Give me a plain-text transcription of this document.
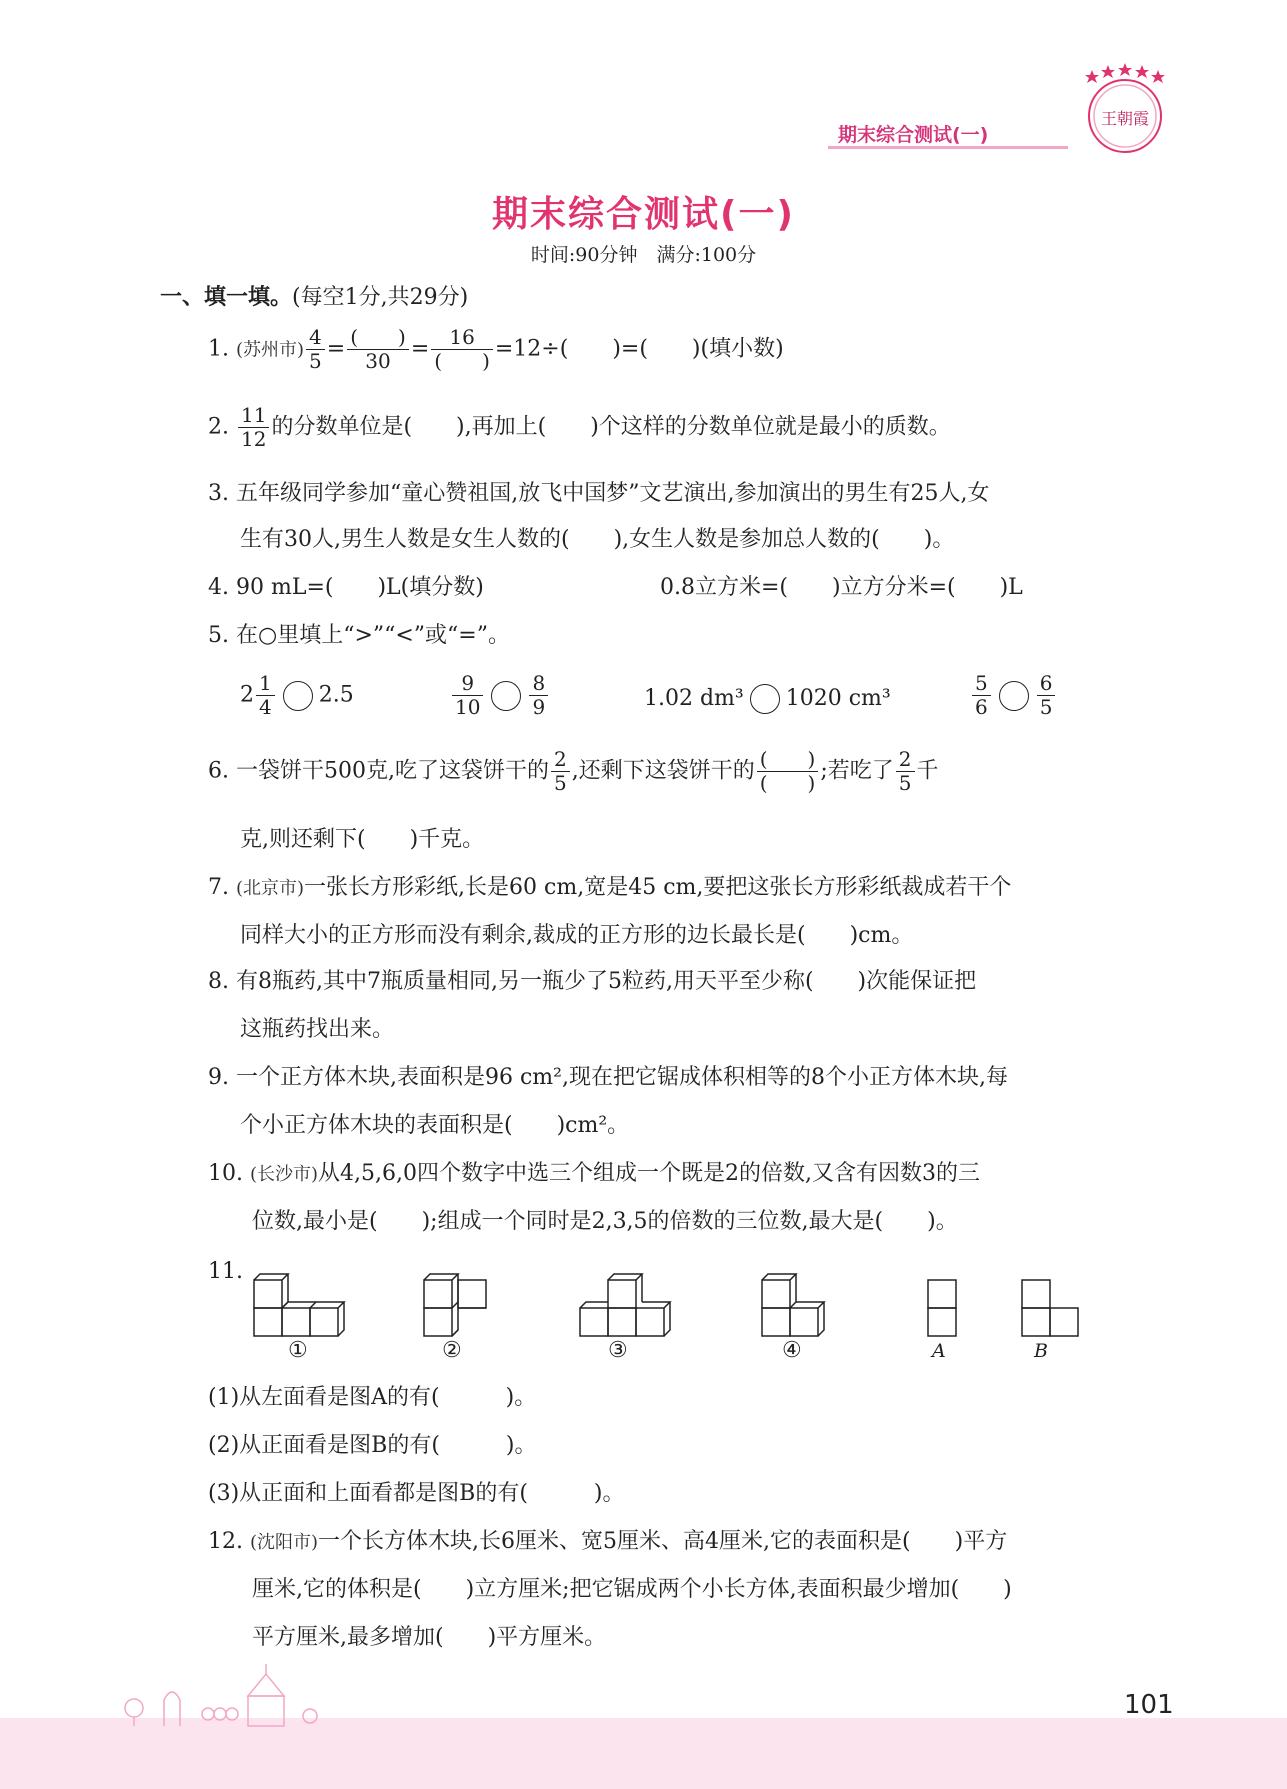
王朝霞
期末综合测试(一)
期末综合测试(一)
时间:90分钟　满分:100分
一、填一填。(每空1分,共29分)
1. (苏州市) $\frac{4}{5} = \frac{( )}{30} = \frac{16}{( )} =12\div$(　　)=(　　)(填小数)
2. $\frac{11}{12}$ 的分数单位是(　　),再加上(　　)个这样的分数单位就是最小的质数。
3. 五年级同学参加“童心赞祖国,放飞中国梦”文艺演出,参加演出的男生有25人,女
生有30人,男生人数是女生人数的(　　),女生人数是参加总人数的(　　)。
4. 90 mL=(　　)L(填分数)	0.8立方米=(　　)立方分米=(　　)L
5. 在○里填上“>”“<”或“=”。
$2 \frac{1}{4} 2.5$	$\frac{9}{10} \frac{8}{9}$	1.02 dm³ 1020 cm³	$\frac{5}{6} \frac{6}{5}$
6. 一袋饼干500克,吃了这袋饼干的 $\frac{2}{5}$ ,还剩下这袋饼干的 $\frac{( )}{( )}$ ;若吃了 $\frac{2}{5}$ 千
克,则还剩下(　　)千克。
7. (北京市)一张长方形彩纸,长是60 cm,宽是45 cm,要把这张长方形彩纸裁成若干个
同样大小的正方形而没有剩余,裁成的正方形的边长最长是(　　)cm。
8. 有8瓶药,其中7瓶质量相同,另一瓶少了5粒药,用天平至少称(　　)次能保证把
这瓶药找出来。
9. 一个正方体木块,表面积是96 cm²,现在把它锯成体积相等的8个小正方体木块,每
个小正方体木块的表面积是(　　)cm²。
10. (长沙市)从4,5,6,0四个数字中选三个组成一个既是2的倍数,又含有因数3的三
位数,最小是(　　);组成一个同时是2,3,5的倍数的三位数,最大是(　　)。
11.
①	②	③	④	A	B
(1)从左面看是图A的有(　　　)。
(2)从正面看是图B的有(　　　)。
(3)从正面和上面看都是图B的有(　　　)。
12. (沈阳市)一个长方体木块,长6厘米、宽5厘米、高4厘米,它的表面积是(　　)平方
厘米,它的体积是(　　)立方厘米;把它锯成两个小长方体,表面积最少增加(　　)
平方厘米,最多增加(　　)平方厘米。
101
